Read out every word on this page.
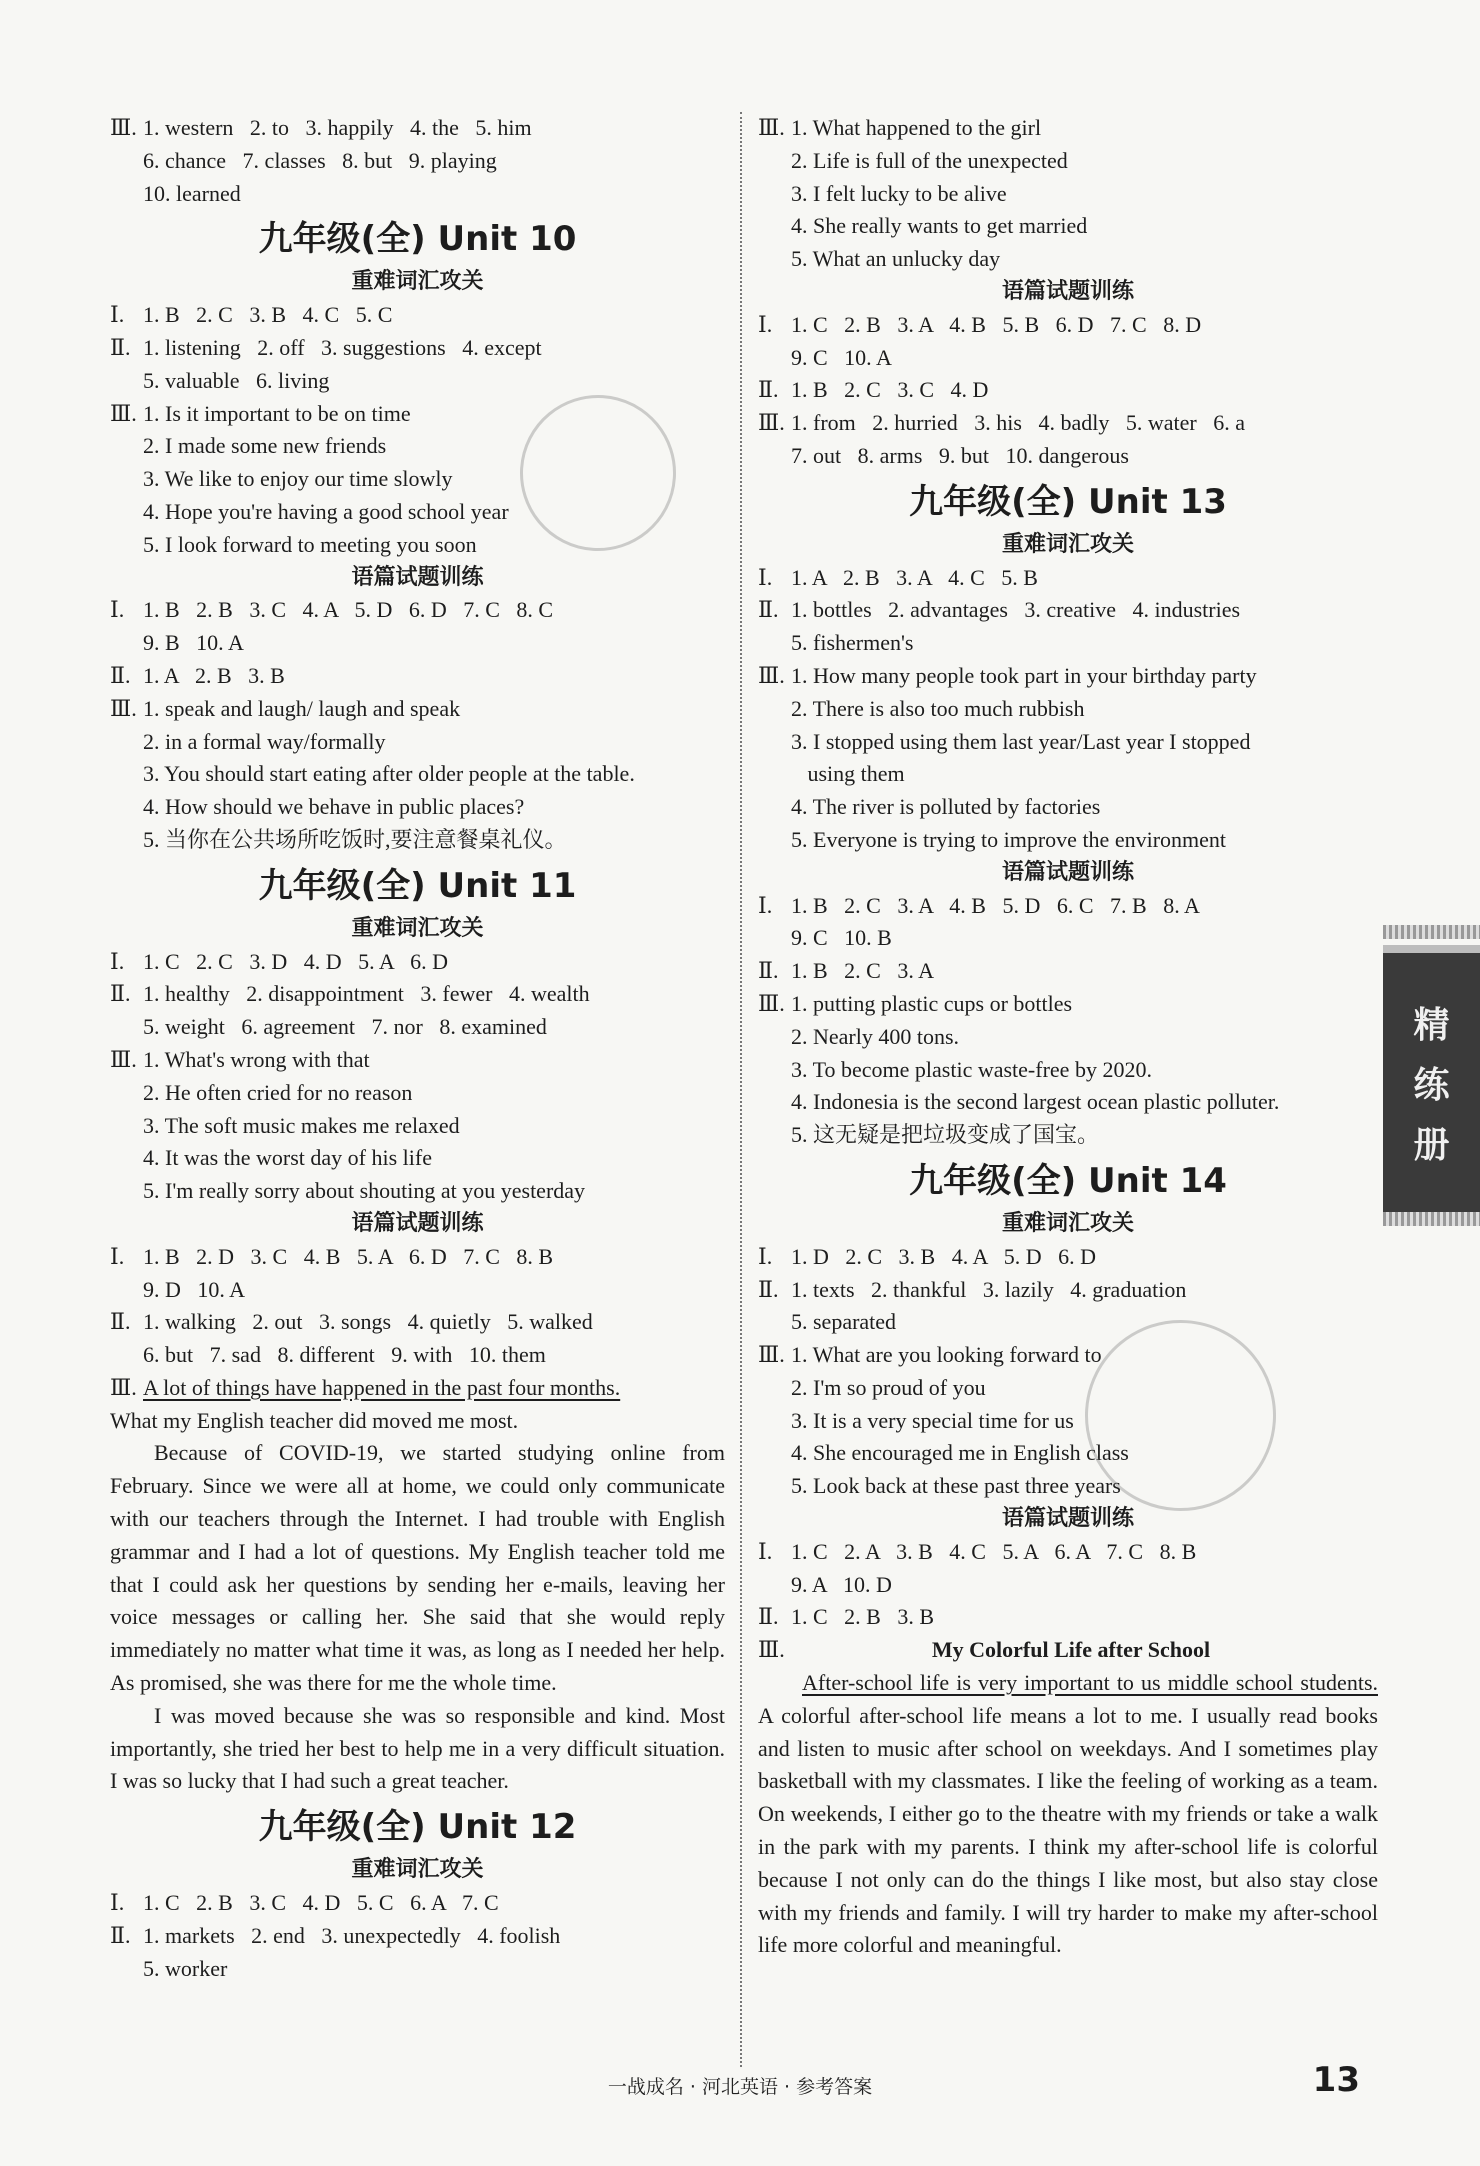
Ⅲ. 1. western   2. to   3. happily   4. the   5. him
6. chance   7. classes   8. but   9. playing
10. learned
九年级(全) Unit 10
重难词汇攻关
Ⅰ. 1. B   2. C   3. B   4. C   5. C
Ⅱ. 1. listening   2. off   3. suggestions   4. except
5. valuable   6. living
Ⅲ. 1. Is it important to be on time
2. I made some new friends
3. We like to enjoy our time slowly
4. Hope you're having a good school year
5. I look forward to meeting you soon
语篇试题训练
Ⅰ. 1. B   2. B   3. C   4. A   5. D   6. D   7. C   8. C
9. B   10. A
Ⅱ. 1. A   2. B   3. B
Ⅲ. 1. speak and laugh/ laugh and speak
2. in a formal way/formally
3. You should start eating after older people at the table.
4. How should we behave in public places?
5. 当你在公共场所吃饭时,要注意餐桌礼仪。
九年级(全) Unit 11
重难词汇攻关
Ⅰ. 1. C   2. C   3. D   4. D   5. A   6. D
Ⅱ. 1. healthy   2. disappointment   3. fewer   4. wealth
5. weight   6. agreement   7. nor   8. examined
Ⅲ. 1. What's wrong with that
2. He often cried for no reason
3. The soft music makes me relaxed
4. It was the worst day of his life
5. I'm really sorry about shouting at you yesterday
语篇试题训练
Ⅰ. 1. B   2. D   3. C   4. B   5. A   6. D   7. C   8. B
9. D   10. A
Ⅱ. 1. walking   2. out   3. songs   4. quietly   5. walked
6. but   7. sad   8. different   9. with   10. them
Ⅲ. A lot of things have happened in the past four months.
What my English teacher did moved me most.
Because of COVID-19, we started studying online from February. Since we were all at home, we could only communicate with our teachers through the Internet. I had trouble with English grammar and I had a lot of questions. My English teacher told me that I could ask her questions by sending her e-mails, leaving her voice messages or calling her. She said that she would reply immediately no matter what time it was, as long as I needed her help. As promised, she was there for me the whole time.
I was moved because she was so responsible and kind. Most importantly, she tried her best to help me in a very difficult situation. I was so lucky that I had such a great teacher.
九年级(全) Unit 12
重难词汇攻关
Ⅰ. 1. C   2. B   3. C   4. D   5. C   6. A   7. C
Ⅱ. 1. markets   2. end   3. unexpectedly   4. foolish
5. worker
Ⅲ. 1. What happened to the girl
2. Life is full of the unexpected
3. I felt lucky to be alive
4. She really wants to get married
5. What an unlucky day
语篇试题训练
Ⅰ. 1. C   2. B   3. A   4. B   5. B   6. D   7. C   8. D
9. C   10. A
Ⅱ. 1. B   2. C   3. C   4. D
Ⅲ. 1. from   2. hurried   3. his   4. badly   5. water   6. a
7. out   8. arms   9. but   10. dangerous
九年级(全) Unit 13
重难词汇攻关
Ⅰ. 1. A   2. B   3. A   4. C   5. B
Ⅱ. 1. bottles   2. advantages   3. creative   4. industries
5. fishermen's
Ⅲ. 1. How many people took part in your birthday party
2. There is also too much rubbish
3. I stopped using them last year/Last year I stopped
using them
4. The river is polluted by factories
5. Everyone is trying to improve the environment
语篇试题训练
Ⅰ. 1. B   2. C   3. A   4. B   5. D   6. C   7. B   8. A
9. C   10. B
Ⅱ. 1. B   2. C   3. A
Ⅲ. 1. putting plastic cups or bottles
2. Nearly 400 tons.
3. To become plastic waste-free by 2020.
4. Indonesia is the second largest ocean plastic polluter.
5. 这无疑是把垃圾变成了国宝。
九年级(全) Unit 14
重难词汇攻关
Ⅰ. 1. D   2. C   3. B   4. A   5. D   6. D
Ⅱ. 1. texts   2. thankful   3. lazily   4. graduation
5. separated
Ⅲ. 1. What are you looking forward to
2. I'm so proud of you
3. It is a very special time for us
4. She encouraged me in English class
5. Look back at these past three years
语篇试题训练
Ⅰ. 1. C   2. A   3. B   4. C   5. A   6. A   7. C   8. B
9. A   10. D
Ⅱ. 1. C   2. B   3. B
Ⅲ.	My Colorful Life after School
After-school life is very important to us middle school students. A colorful after-school life means a lot to me. I usually read books and listen to music after school on weekdays. And I sometimes play basketball with my classmates. I like the feeling of working as a team. On weekends, I either go to the theatre with my friends or take a walk in the park with my parents. I think my after-school life is colorful because I not only can do the things I like most, but also stay close with my friends and family. I will try harder to make my after-school life more colorful and meaningful.
精
练
册
一战成名 · 河北英语 · 参考答案	13
